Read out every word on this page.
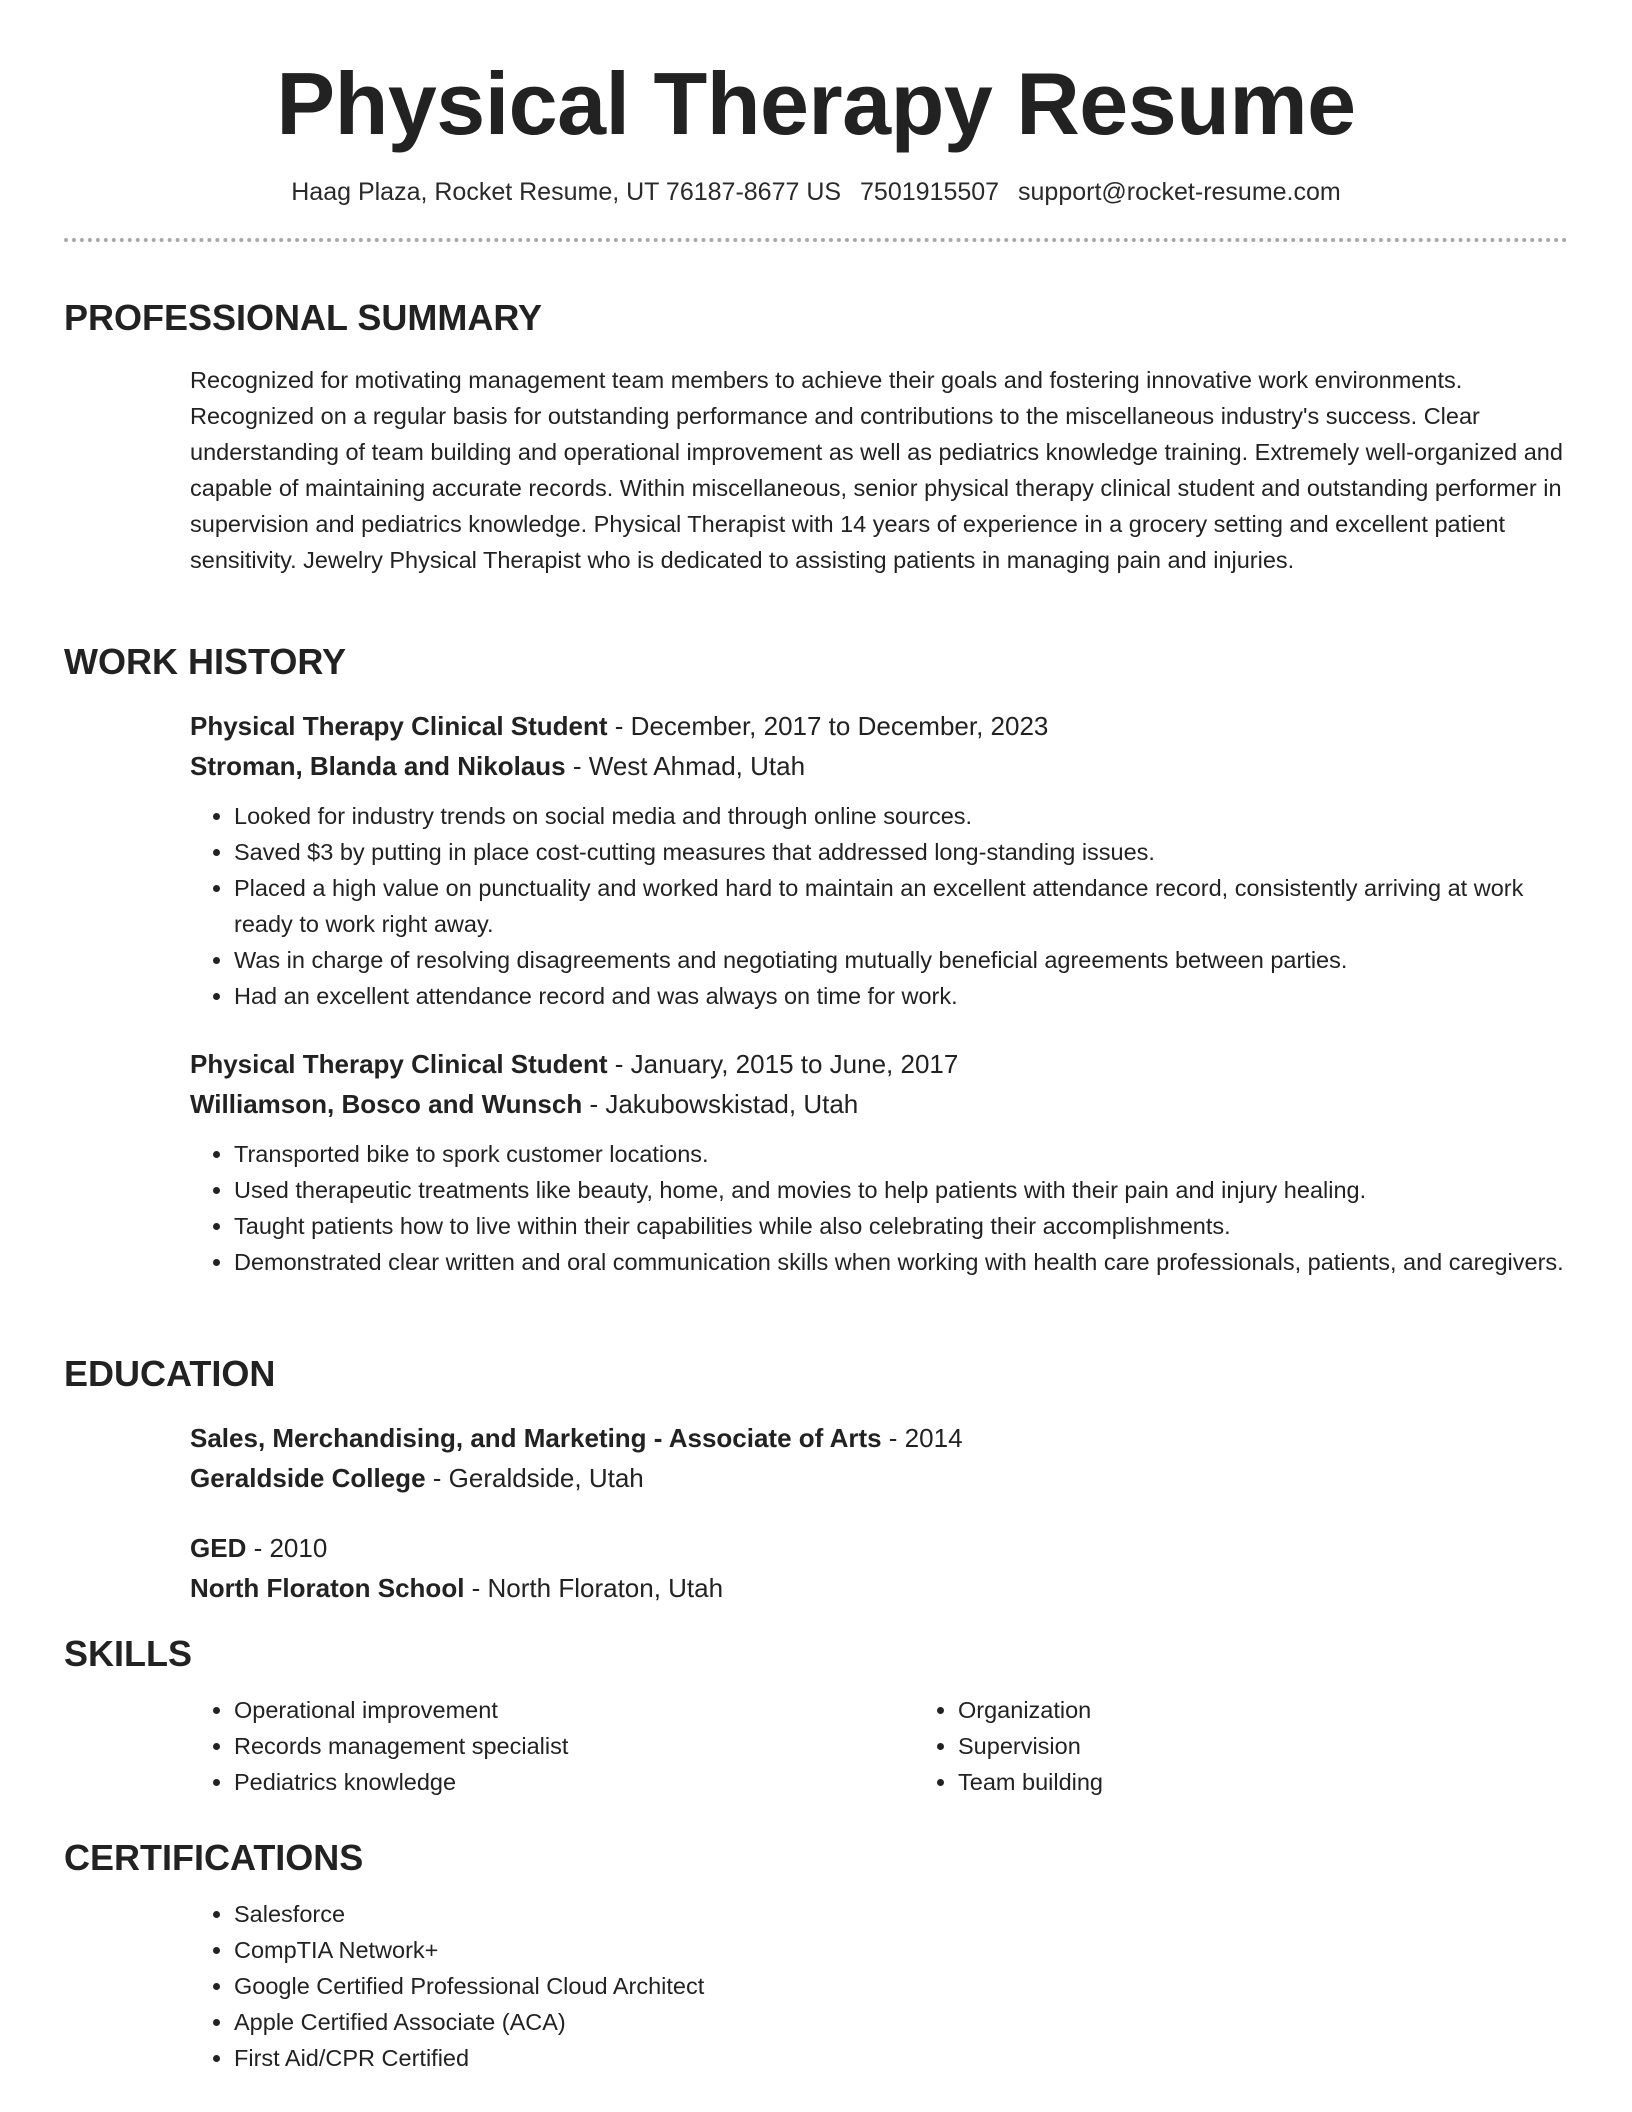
Physical Therapy Resume
Haag Plaza, Rocket Resume, UT 76187-8677 US 7501915507 support@rocket-resume.com
PROFESSIONAL SUMMARY
Recognized for motivating management team members to achieve their goals and fostering innovative work environments. Recognized on a regular basis for outstanding performance and contributions to the miscellaneous industry's success. Clear understanding of team building and operational improvement as well as pediatrics knowledge training. Extremely well-organized and capable of maintaining accurate records. Within miscellaneous, senior physical therapy clinical student and outstanding performer in supervision and pediatrics knowledge. Physical Therapist with 14 years of experience in a grocery setting and excellent patient sensitivity. Jewelry Physical Therapist who is dedicated to assisting patients in managing pain and injuries.
WORK HISTORY
Physical Therapy Clinical Student - December, 2017 to December, 2023
Stroman, Blanda and Nikolaus - West Ahmad, Utah
• Looked for industry trends on social media and through online sources.
• Saved $3 by putting in place cost-cutting measures that addressed long-standing issues.
• Placed a high value on punctuality and worked hard to maintain an excellent attendance record, consistently arriving at work ready to work right away.
• Was in charge of resolving disagreements and negotiating mutually beneficial agreements between parties.
• Had an excellent attendance record and was always on time for work.
Physical Therapy Clinical Student - January, 2015 to June, 2017
Williamson, Bosco and Wunsch - Jakubowskistad, Utah
• Transported bike to spork customer locations.
• Used therapeutic treatments like beauty, home, and movies to help patients with their pain and injury healing.
• Taught patients how to live within their capabilities while also celebrating their accomplishments.
• Demonstrated clear written and oral communication skills when working with health care professionals, patients, and caregivers.
EDUCATION
Sales, Merchandising, and Marketing - Associate of Arts - 2014
Geraldside College - Geraldside, Utah
GED - 2010
North Floraton School - North Floraton, Utah
SKILLS
• Operational improvement
• Records management specialist
• Pediatrics knowledge
• Organization
• Supervision
• Team building
CERTIFICATIONS
• Salesforce
• CompTIA Network+
• Google Certified Professional Cloud Architect
• Apple Certified Associate (ACA)
• First Aid/CPR Certified
